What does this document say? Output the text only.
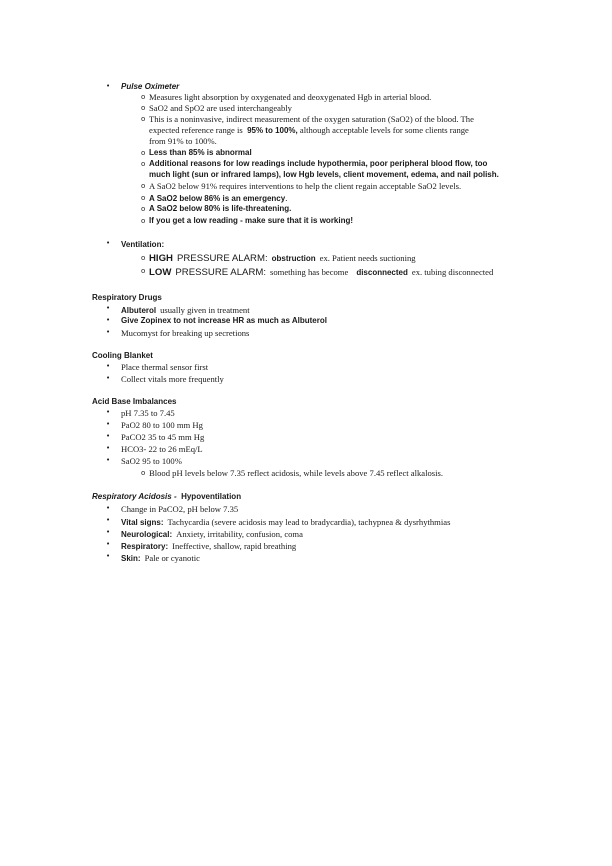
• Pulse Oximeter
o Measures light absorption by oxygenated and deoxygenated Hgb in arterial blood.
o SaO2 and SpO2 are used interchangeably
o This is a noninvasive, indirect measurement of the oxygen saturation (SaO2) of the blood. The
expected reference range is 95% to 100%, although acceptable levels for some clients range
from 91% to 100%.
o Less than 85% is abnormal
o Additional reasons for low readings include hypothermia, poor peripheral blood flow, too
much light (sun or infrared lamps), low Hgb levels, client movement, edema, and nail polish.
o A SaO2 below 91% requires interventions to help the client regain acceptable SaO2 levels.
o A SaO2 below 86% is an emergency.
o A SaO2 below 80% is life-threatening.
o If you get a low reading - make sure that it is working!
• Ventilation:
o HIGH PRESSURE ALARM: obstruction ex. Patient needs suctioning
o LOW PRESSURE ALARM: something has become disconnected ex. tubing disconnected
Respiratory Drugs
• Albuterol usually given in treatment
• Give Zopinex to not increase HR as much as Albuterol
• Mucomyst for breaking up secretions
Cooling Blanket
• Place thermal sensor first
• Collect vitals more frequently
Acid Base Imbalances
• pH 7.35 to 7.45
• PaO2 80 to 100 mm Hg
• PaCO2 35 to 45 mm Hg
• HCO3- 22 to 26 mEq/L
• SaO2 95 to 100%
o Blood pH levels below 7.35 reflect acidosis, while levels above 7.45 reflect alkalosis.
Respiratory Acidosis - Hypoventilation
• Change in PaCO2, pH below 7.35
• Vital signs: Tachycardia (severe acidosis may lead to bradycardia), tachypnea & dysrhythmias
• Neurological: Anxiety, irritability, confusion, coma
• Respiratory: Ineffective, shallow, rapid breathing
• Skin: Pale or cyanotic
